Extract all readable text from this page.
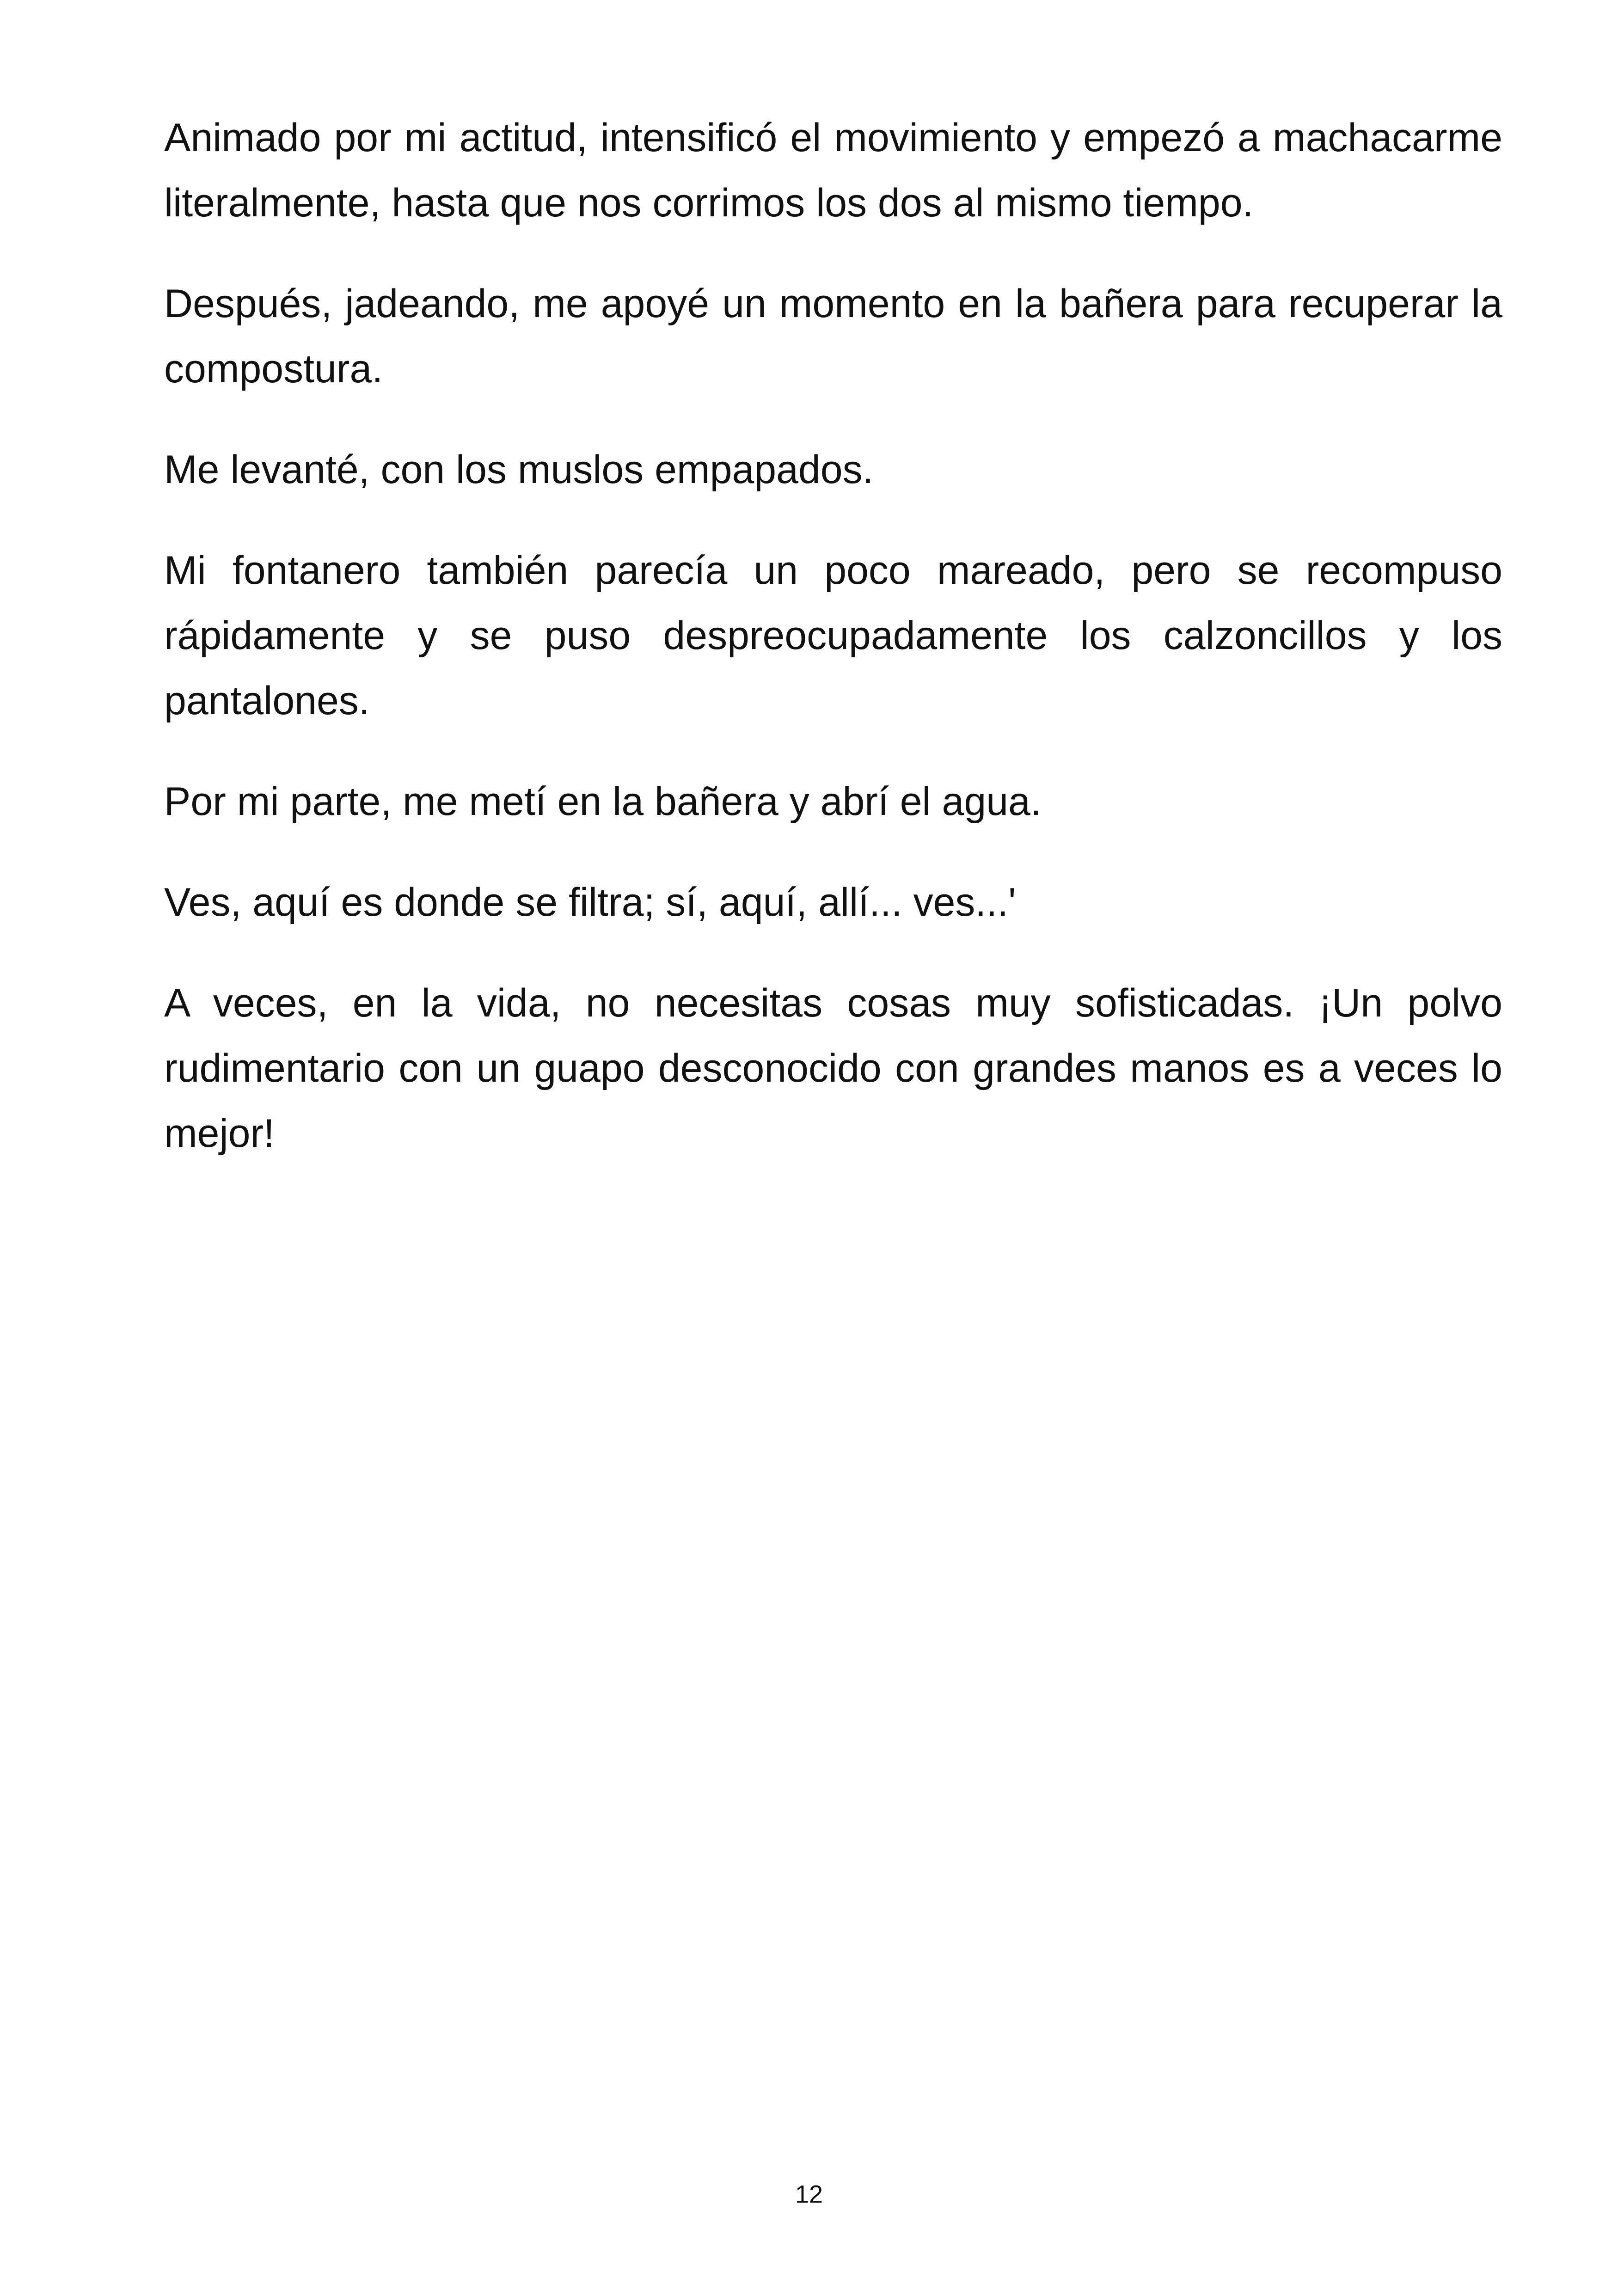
Animado por mi actitud, intensificó el movimiento y empezó a machacarme literalmente, hasta que nos corrimos los dos al mismo tiempo.

Después, jadeando, me apoyé un momento en la bañera para recuperar la compostura.

Me levanté, con los muslos empapados.

Mi fontanero también parecía un poco mareado, pero se recompuso rápidamente y se puso despreocupadamente los calzoncillos y los pantalones.

Por mi parte, me metí en la bañera y abrí el agua.

Ves, aquí es donde se filtra; sí, aquí, allí... ves...'

A veces, en la vida, no necesitas cosas muy sofisticadas. ¡Un polvo rudimentario con un guapo desconocido con grandes manos es a veces lo mejor!

12
